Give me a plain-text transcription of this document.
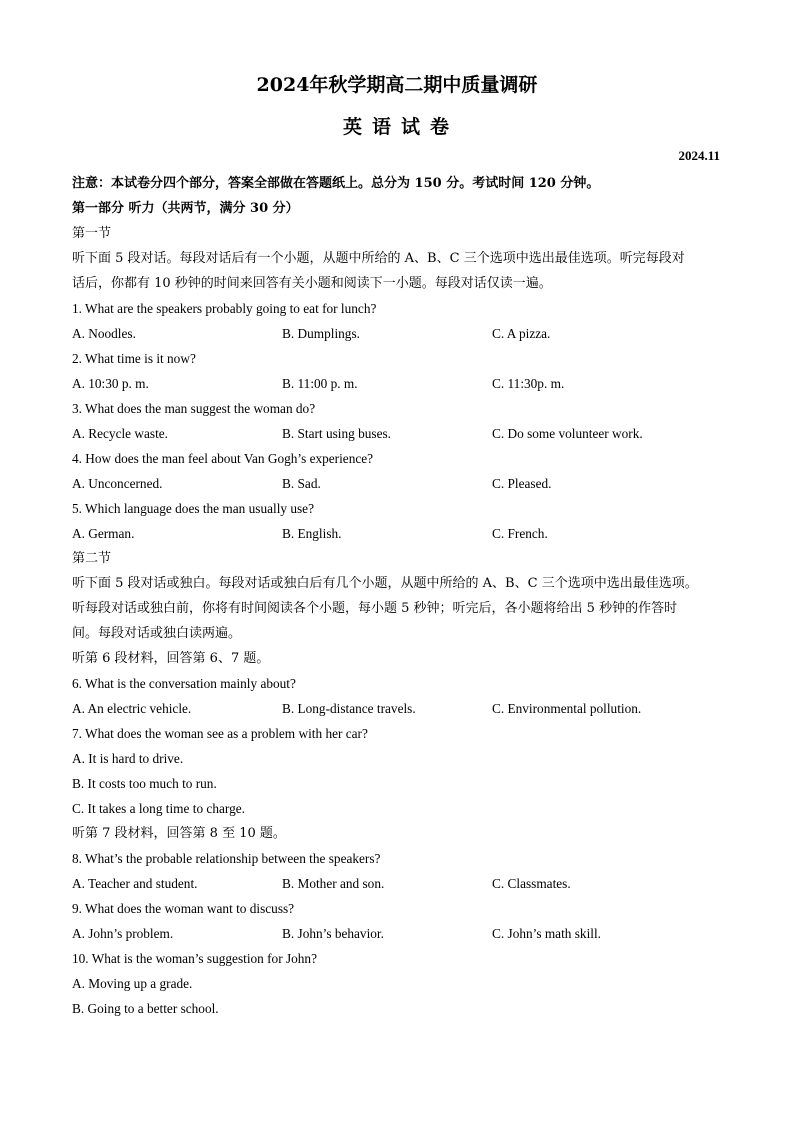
2024年秋学期高二期中质量调研
英语试卷
2024.11
注意：本试卷分四个部分，答案全部做在答题纸上。总分为 150 分。考试时间 120 分钟。
第一部分 听力（共两节，满分 30 分）
第一节
听下面 5 段对话。每段对话后有一个小题，从题中所给的 A、B、C 三个选项中选出最佳选项。听完每段对
话后，你都有 10 秒钟的时间来回答有关小题和阅读下一小题。每段对话仅读一遍。
1. What are the speakers probably going to eat for lunch?
A. Noodles.	B. Dumplings.	C. A pizza.
2. What time is it now?
A. 10:30 p. m.	B. 11:00 p. m.	C. 11:30p. m.
3. What does the man suggest the woman do?
A. Recycle waste.	B. Start using buses.	C. Do some volunteer work.
4. How does the man feel about Van Gogh’s experience?
A. Unconcerned.	B. Sad.	C. Pleased.
5. Which language does the man usually use?
A. German.	B. English.	C. French.
第二节
听下面 5 段对话或独白。每段对话或独白后有几个小题，从题中所给的 A、B、C 三个选项中选出最佳选项。
听每段对话或独白前，你将有时间阅读各个小题，每小题 5 秒钟；听完后，各小题将给出 5 秒钟的作答时
间。每段对话或独白读两遍。
听第 6 段材料，回答第 6、7 题。
6. What is the conversation mainly about?
A. An electric vehicle.	B. Long-distance travels.	C. Environmental pollution.
7. What does the woman see as a problem with her car?
A. It is hard to drive.
B. It costs too much to run.
C. It takes a long time to charge.
听第 7 段材料，回答第 8 至 10 题。
8. What’s the probable relationship between the speakers?
A. Teacher and student.	B. Mother and son.	C. Classmates.
9. What does the woman want to discuss?
A. John’s problem.	B. John’s behavior.	C. John’s math skill.
10. What is the woman’s suggestion for John?
A. Moving up a grade.
B. Going to a better school.
